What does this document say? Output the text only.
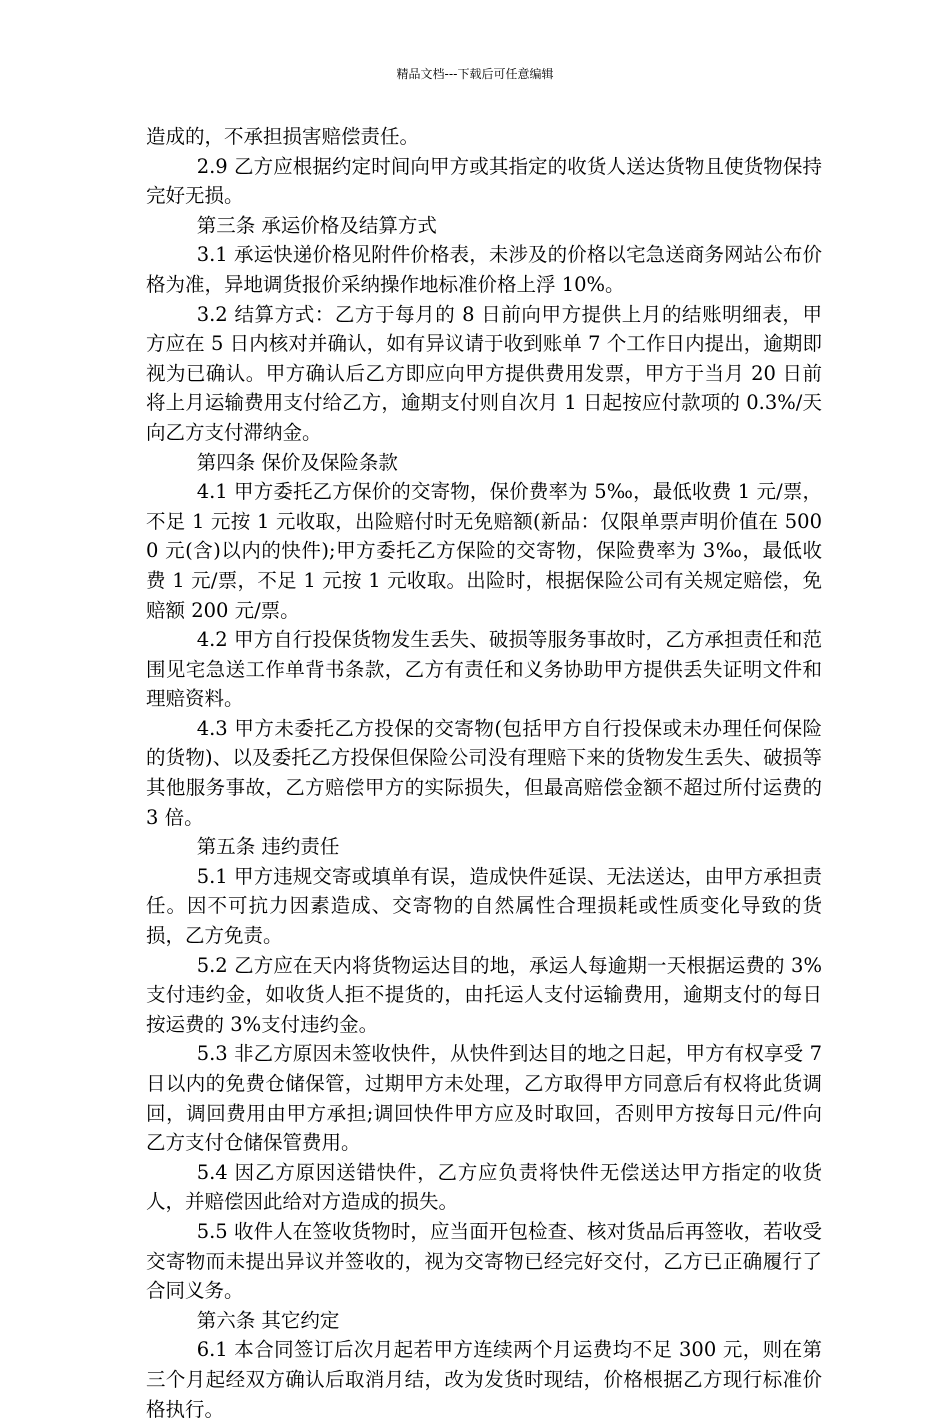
精品文档---下载后可任意编辑

造成的，不承担损害赔偿责任。

2.9 乙方应根据约定时间向甲方或其指定的收货人送达货物且使货物保持完好无损。

第三条 承运价格及结算方式

3.1 承运快递价格见附件价格表，未涉及的价格以宅急送商务网站公布价格为准，异地调货报价采纳操作地标准价格上浮 10%。

3.2 结算方式：乙方于每月的 8 日前向甲方提供上月的结账明细表，甲方应在 5 日内核对并确认，如有异议请于收到账单 7 个工作日内提出，逾期即视为已确认。甲方确认后乙方即应向甲方提供费用发票，甲方于当月 20 日前将上月运输费用支付给乙方，逾期支付则自次月 1 日起按应付款项的 0.3%/天向乙方支付滞纳金。

第四条 保价及保险条款

4.1 甲方委托乙方保价的交寄物，保价费率为 5‰，最低收费 1 元/票，不足 1 元按 1 元收取，出险赔付时无免赔额(新品：仅限单票声明价值在 5000 元(含)以内的快件);甲方委托乙方保险的交寄物，保险费率为 3‰，最低收费 1 元/票，不足 1 元按 1 元收取。出险时，根据保险公司有关规定赔偿，免赔额 200 元/票。

4.2 甲方自行投保货物发生丢失、破损等服务事故时，乙方承担责任和范围见宅急送工作单背书条款，乙方有责任和义务协助甲方提供丢失证明文件和理赔资料。

4.3 甲方未委托乙方投保的交寄物(包括甲方自行投保或未办理任何保险的货物)、以及委托乙方投保但保险公司没有理赔下来的货物发生丢失、破损等其他服务事故，乙方赔偿甲方的实际损失，但最高赔偿金额不超过所付运费的 3 倍。

第五条 违约责任

5.1 甲方违规交寄或填单有误，造成快件延误、无法送达，由甲方承担责任。因不可抗力因素造成、交寄物的自然属性合理损耗或性质变化导致的货损，乙方免责。

5.2 乙方应在天内将货物运达目的地，承运人每逾期一天根据运费的 3%支付违约金，如收货人拒不提货的，由托运人支付运输费用，逾期支付的每日按运费的 3%支付违约金。

5.3 非乙方原因未签收快件，从快件到达目的地之日起，甲方有权享受 7 日以内的免费仓储保管，过期甲方未处理，乙方取得甲方同意后有权将此货调回，调回费用由甲方承担;调回快件甲方应及时取回，否则甲方按每日元/件向乙方支付仓储保管费用。

5.4 因乙方原因送错快件，乙方应负责将快件无偿送达甲方指定的收货人，并赔偿因此给对方造成的损失。

5.5 收件人在签收货物时，应当面开包检查、核对货品后再签收，若收受交寄物而未提出异议并签收的，视为交寄物已经完好交付，乙方已正确履行了合同义务。

第六条 其它约定

6.1 本合同签订后次月起若甲方连续两个月运费均不足 300 元，则在第三个月起经双方确认后取消月结，改为发货时现结，价格根据乙方现行标准价格执行。
